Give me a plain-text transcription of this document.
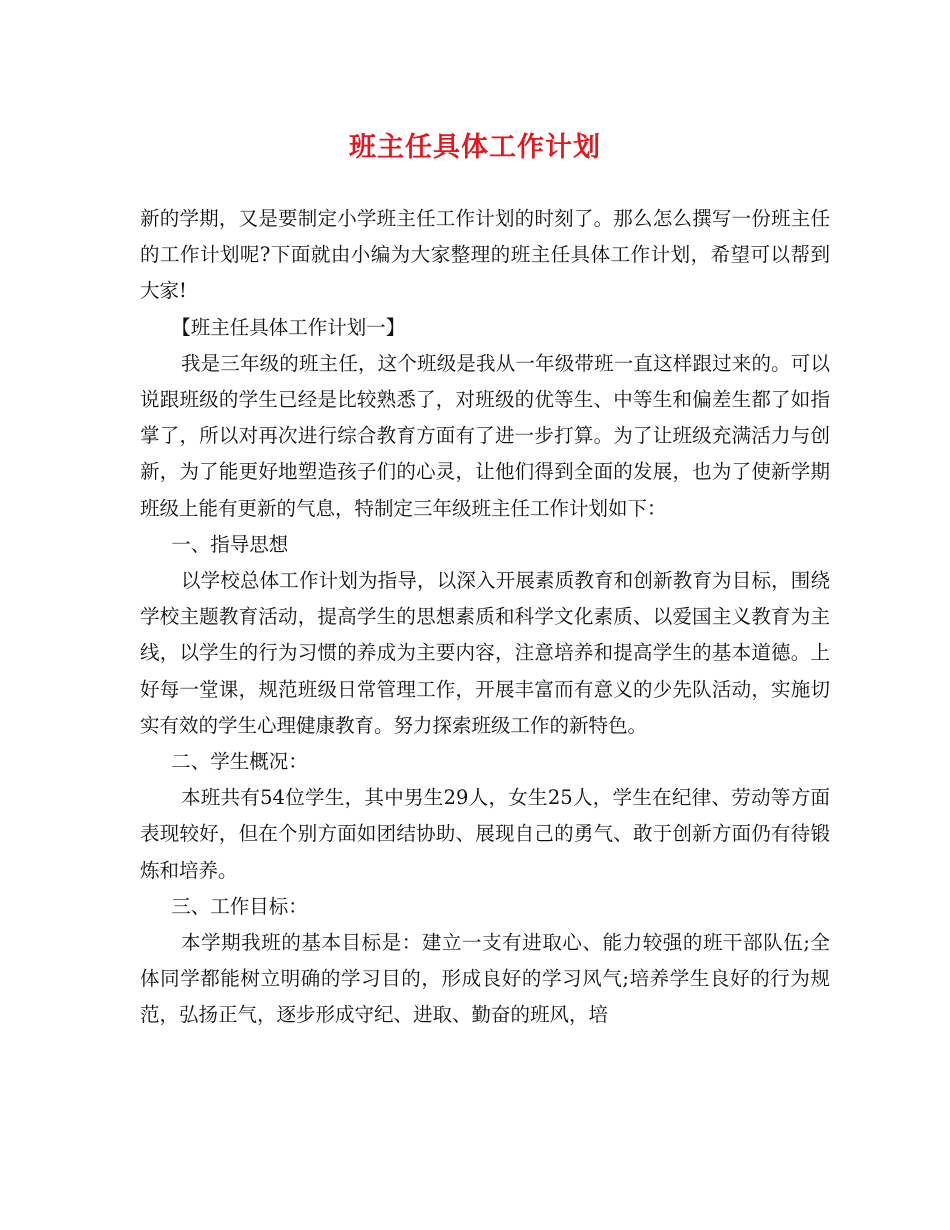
班主任具体工作计划

新的学期，又是要制定小学班主任工作计划的时刻了。那么怎么撰写一份班主任的工作计划呢?下面就由小编为大家整理的班主任具体工作计划，希望可以帮到大家!

【班主任具体工作计划一】

我是三年级的班主任，这个班级是我从一年级带班一直这样跟过来的。可以说跟班级的学生已经是比较熟悉了，对班级的优等生、中等生和偏差生都了如指掌了，所以对再次进行综合教育方面有了进一步打算。为了让班级充满活力与创新，为了能更好地塑造孩子们的心灵，让他们得到全面的发展，也为了使新学期班级上能有更新的气息，特制定三年级班主任工作计划如下：

一、指导思想

以学校总体工作计划为指导，以深入开展素质教育和创新教育为目标，围绕学校主题教育活动，提高学生的思想素质和科学文化素质、以爱国主义教育为主线，以学生的行为习惯的养成为主要内容，注意培养和提高学生的基本道德。上好每一堂课，规范班级日常管理工作，开展丰富而有意义的少先队活动，实施切实有效的学生心理健康教育。努力探索班级工作的新特色。

二、学生概况：

本班共有54位学生，其中男生29人，女生25人，学生在纪律、劳动等方面表现较好，但在个别方面如团结协助、展现自己的勇气、敢于创新方面仍有待锻炼和培养。

三、工作目标：

本学期我班的基本目标是：建立一支有进取心、能力较强的班干部队伍;全体同学都能树立明确的学习目的，形成良好的学习风气;培养学生良好的行为规范，弘扬正气，逐步形成守纪、进取、勤奋的班风，培
